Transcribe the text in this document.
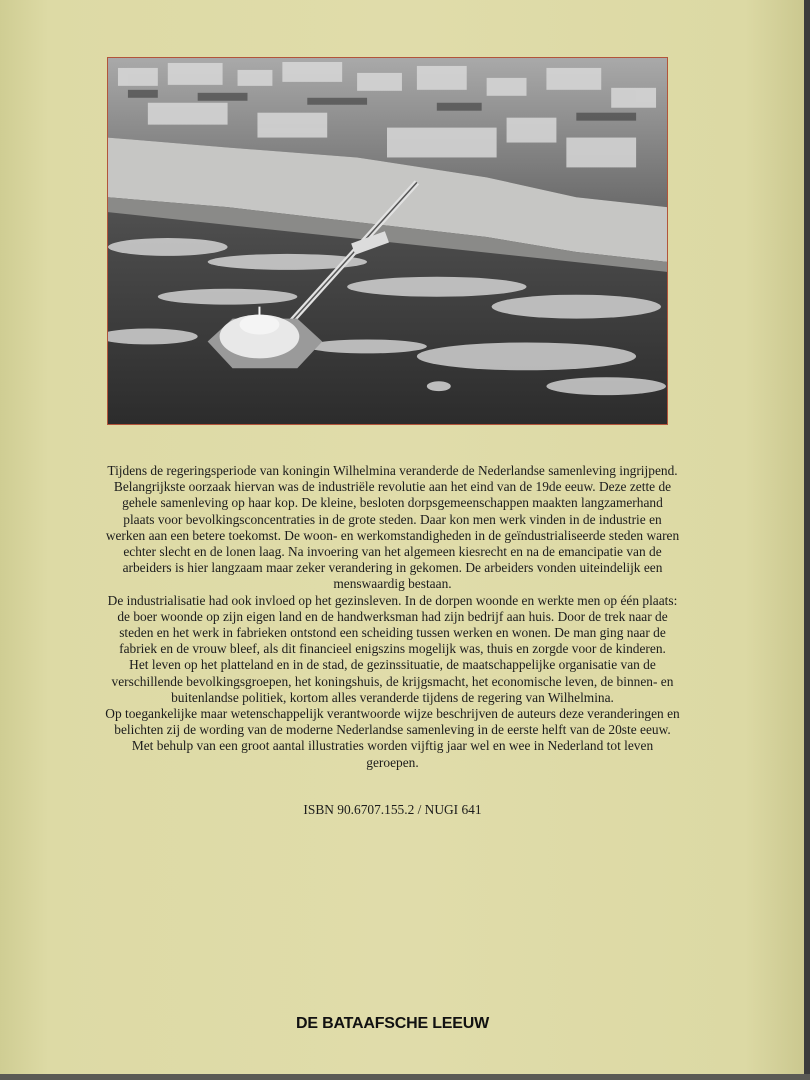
Tijdens de regeringsperiode van koningin Wilhelmina veranderde de Nederlandse samenleving ingrijpend. Belangrijkste oorzaak hiervan was de industriële revolutie aan het eind van de 19de eeuw. Deze zette de gehele samenleving op haar kop. De kleine, besloten dorpsgemeenschappen maakten langzamerhand plaats voor bevolkingsconcentraties in de grote steden. Daar kon men werk vinden in de industrie en werken aan een betere toekomst. De woon- en werkomstandigheden in de geïndustrialiseerde steden waren echter slecht en de lonen laag. Na invoering van het algemeen kiesrecht en na de emancipatie van de arbeiders is hier langzaam maar zeker verandering in gekomen. De arbeiders vonden uiteindelijk een menswaardig bestaan.

De industrialisatie had ook invloed op het gezinsleven. In de dorpen woonde en werkte men op één plaats: de boer woonde op zijn eigen land en de handwerksman had zijn bedrijf aan huis. Door de trek naar de steden en het werk in fabrieken ontstond een scheiding tussen werken en wonen. De man ging naar de fabriek en de vrouw bleef, als dit financieel enigszins mogelijk was, thuis en zorgde voor de kinderen.

Het leven op het platteland en in de stad, de gezinssituatie, de maatschappelijke organisatie van de verschillende bevolkingsgroepen, het koningshuis, de krijgsmacht, het economische leven, de binnen- en buitenlandse politiek, kortom alles veranderde tijdens de regering van Wilhelmina.

Op toegankelijke maar wetenschappelijk verantwoorde wijze beschrijven de auteurs deze veranderingen en belichten zij de wording van de moderne Nederlandse samenleving in de eerste helft van de 20ste eeuw. Met behulp van een groot aantal illustraties worden vijftig jaar wel en wee in Nederland tot leven geroepen.

ISBN 90.6707.155.2 / NUGI 641
DE BATAAFSCHE LEEUW
